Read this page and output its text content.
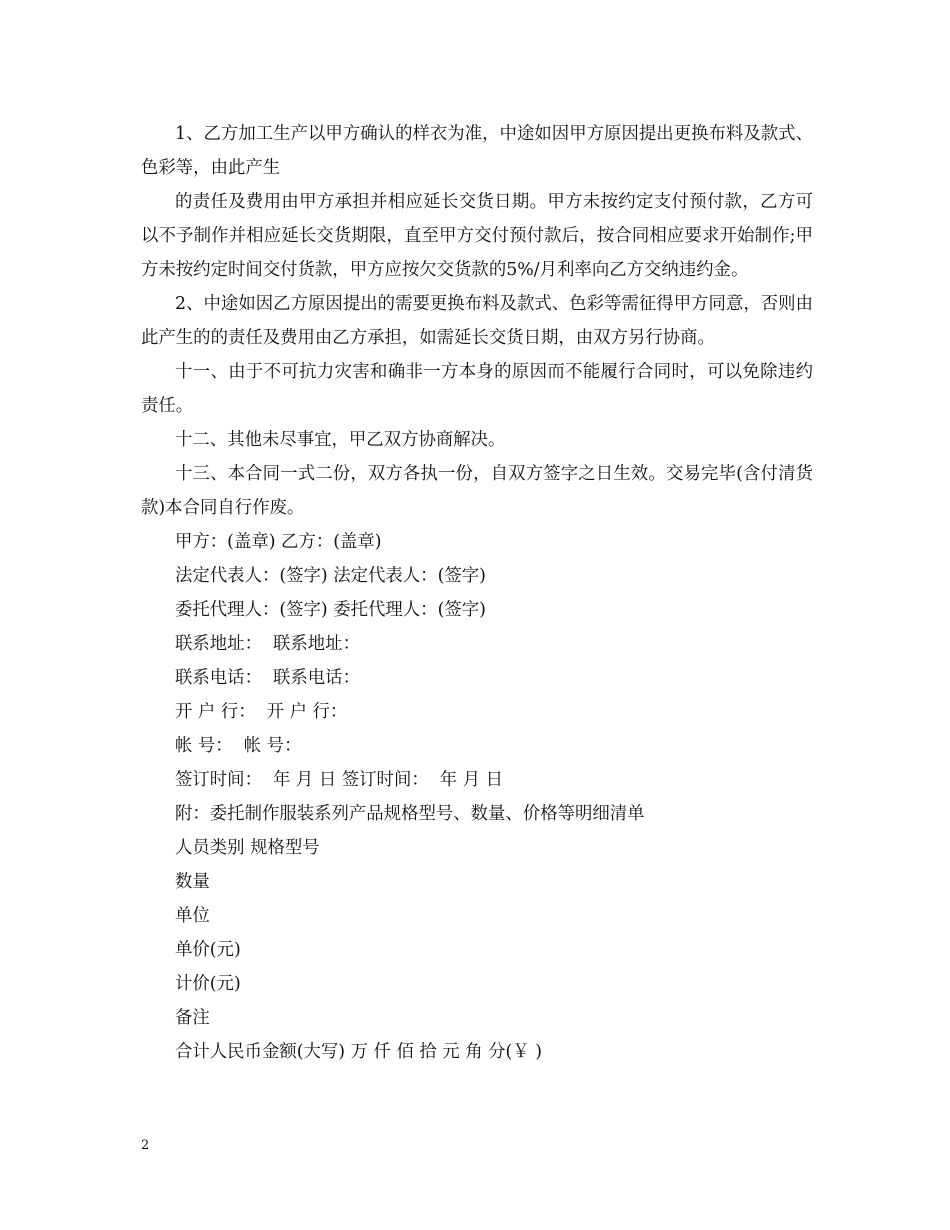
1、乙方加工生产以甲方确认的样衣为准，中途如因甲方原因提出更换布料及款式、色彩等，由此产生

的责任及费用由甲方承担并相应延长交货日期。甲方未按约定支付预付款，乙方可以不予制作并相应延长交货期限，直至甲方交付预付款后，按合同相应要求开始制作;甲方未按约定时间交付货款，甲方应按欠交货款的5%/月利率向乙方交纳违约金。

2、中途如因乙方原因提出的需要更换布料及款式、色彩等需征得甲方同意，否则由此产生的的责任及费用由乙方承担，如需延长交货日期，由双方另行协商。

十一、由于不可抗力灾害和确非一方本身的原因而不能履行合同时，可以免除违约责任。

十二、其他未尽事宜，甲乙双方协商解决。

十三、本合同一式二份，双方各执一份，自双方签字之日生效。交易完毕(含付清货款)本合同自行作废。

甲方：(盖章) 乙方：(盖章)

法定代表人：(签字) 法定代表人：(签字)

委托代理人：(签字) 委托代理人：(签字)

联系地址：  联系地址：

联系电话：  联系电话：

开 户 行：  开 户 行：

帐 号：  帐 号：

签订时间：  年 月 日 签订时间：  年 月 日

附：委托制作服装系列产品规格型号、数量、价格等明细清单

人员类别 规格型号

数量

单位

单价(元)

计价(元)

备注

合计人民币金额(大写) 万 仟 佰 拾 元 角 分(￥ )

2
